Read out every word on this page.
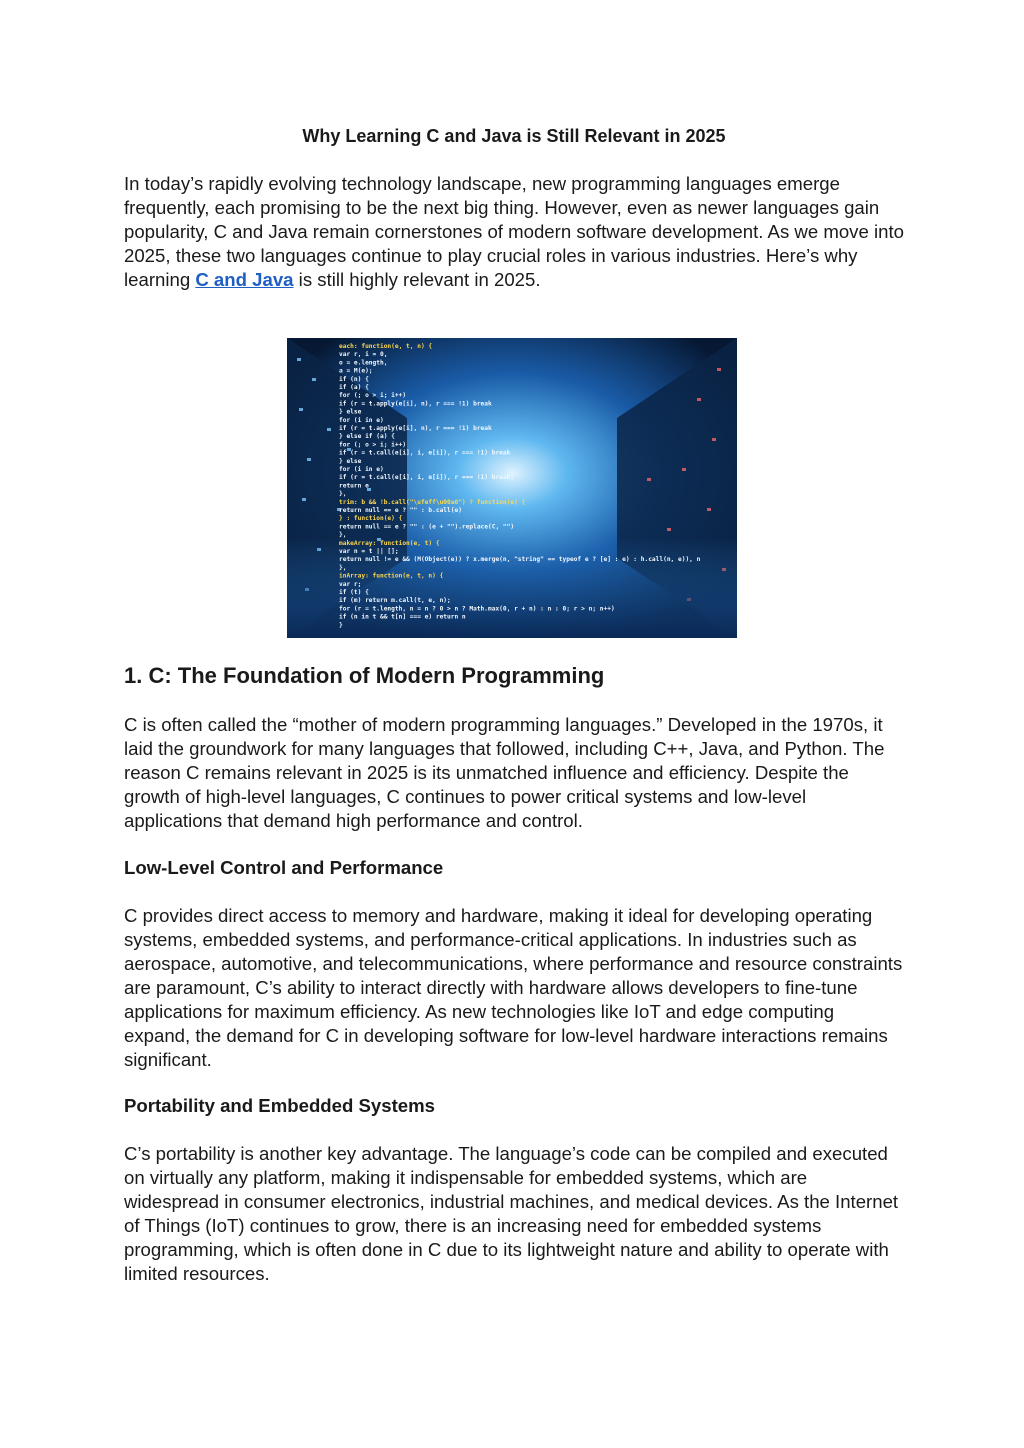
Why Learning C and Java is Still Relevant in 2025

In today’s rapidly evolving technology landscape, new programming languages emerge frequently, each promising to be the next big thing. However, even as newer languages gain popularity, C and Java remain cornerstones of modern software development. As we move into 2025, these two languages continue to play crucial roles in various industries. Here’s why learning C and Java is still highly relevant in 2025.

each: function(e, t, n) {
var r, i = 0,
o = e.length,
a = M(e);
if (n) {
if (a) {
for (; o > i; i++)
if (r = t.apply(e[i], n), r === !1) break
} else
for (i in e)
if (r = t.apply(e[i], n), r === !1) break
} else if (a) {
for (; o > i; i++)
if (r = t.call(e[i], i, e[i]), r === !1) break
} else
for (i in e)
if (r = t.call(e[i], i, e[i]), r === !1) break;
return e
},
trim: b && !b.call("\ufeff\u00a0") ? function(e) {
return null == e ? "" : b.call(e)
} : function(e) {
return null == e ? "" : (e + "").replace(C, "")
},
makeArray: function(e, t) {
var n = t || [];
return null != e && (M(Object(e)) ? x.merge(n, "string" == typeof e ? [e] : e) : h.call(n, e)), n
},
inArray: function(e, t, n) {
var r;
if (t) {
if (m) return m.call(t, e, n);
for (r = t.length, n = n ? 0 > n ? Math.max(0, r + n) : n : 0; r > n; n++)
if (n in t && t[n] === e) return n
}
1. C: The Foundation of Modern Programming

C is often called the “mother of modern programming languages.” Developed in the 1970s, it laid the groundwork for many languages that followed, including C++, Java, and Python. The reason C remains relevant in 2025 is its unmatched influence and efficiency. Despite the growth of high-level languages, C continues to power critical systems and low-level applications that demand high performance and control.

Low-Level Control and Performance

C provides direct access to memory and hardware, making it ideal for developing operating systems, embedded systems, and performance-critical applications. In industries such as aerospace, automotive, and telecommunications, where performance and resource constraints are paramount, C’s ability to interact directly with hardware allows developers to fine-tune applications for maximum efficiency. As new technologies like IoT and edge computing expand, the demand for C in developing software for low-level hardware interactions remains significant.

Portability and Embedded Systems

C’s portability is another key advantage. The language’s code can be compiled and executed on virtually any platform, making it indispensable for embedded systems, which are widespread in consumer electronics, industrial machines, and medical devices. As the Internet of Things (IoT) continues to grow, there is an increasing need for embedded systems programming, which is often done in C due to its lightweight nature and ability to operate with limited resources.
